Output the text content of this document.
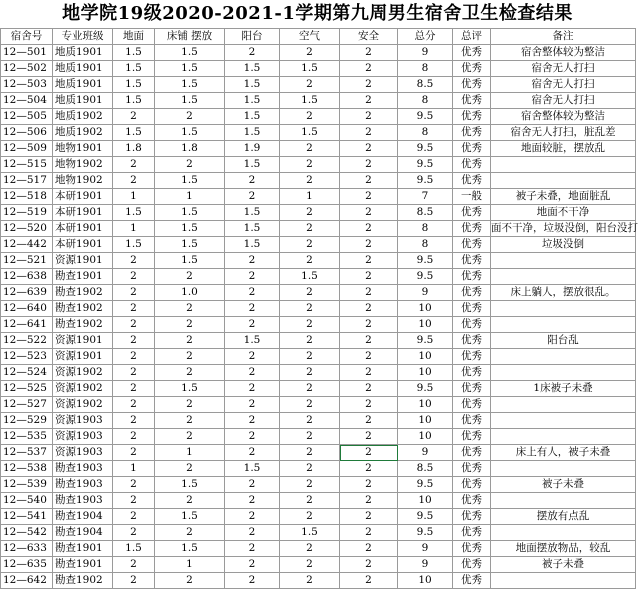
地学院19级2020-2021-1学期第九周男生宿舍卫生检查结果
宿舍号	专业班级	地面	床铺 摆放	阳台	空气	安全	总分	总评	备注
12—501	地质1901	1.5	1.5	2	2	2	9	优秀	宿舍整体较为整洁
12—502	地质1901	1.5	1.5	1.5	1.5	2	8	优秀	宿舍无人打扫
12—503	地质1901	1.5	1.5	1.5	2	2	8.5	优秀	宿舍无人打扫
12—504	地质1901	1.5	1.5	1.5	1.5	2	8	优秀	宿舍无人打扫
12—505	地质1902	2	2	1.5	2	2	9.5	优秀	宿舍整体较为整洁
12—506	地质1902	1.5	1.5	1.5	1.5	2	8	优秀	宿舍无人打扫，脏乱差
12—509	地物1901	1.8	1.8	1.9	2	2	9.5	优秀	地面较脏，摆放乱
12—515	地物1902	2	2	1.5	2	2	9.5	优秀	
12—517	地物1902	2	1.5	2	2	2	9.5	优秀	
12—518	本研1901	1	1	2	1	2	7	一般	被子未叠，地面脏乱
12—519	本研1901	1.5	1.5	1.5	2	2	8.5	优秀	地面不干净
12—520	本研1901	1	1.5	1.5	2	2	8	优秀	面不干净，垃圾没倒，阳台没打
12—442	本研1901	1.5	1.5	1.5	2	2	8	优秀	垃圾没倒
12—521	资源1901	2	1.5	2	2	2	9.5	优秀	
12—638	勘查1901	2	2	2	1.5	2	9.5	优秀	
12—639	勘查1902	2	1.0	2	2	2	9	优秀	床上躺人，摆放很乱。
12—640	勘查1902	2	2	2	2	2	10	优秀	
12—641	勘查1902	2	2	2	2	2	10	优秀	
12—522	资源1901	2	2	1.5	2	2	9.5	优秀	阳台乱
12—523	资源1901	2	2	2	2	2	10	优秀	
12—524	资源1902	2	2	2	2	2	10	优秀	
12—525	资源1902	2	1.5	2	2	2	9.5	优秀	1床被子未叠
12—527	资源1902	2	2	2	2	2	10	优秀	
12—529	资源1903	2	2	2	2	2	10	优秀	
12—535	资源1903	2	2	2	2	2	10	优秀	
12—537	资源1903	2	1	2	2	2	9	优秀	床上有人，被子未叠
12—538	勘查1903	1	2	1.5	2	2	8.5	优秀	
12—539	勘查1903	2	1.5	2	2	2	9.5	优秀	被子未叠
12—540	勘查1903	2	2	2	2	2	10	优秀	
12—541	勘查1904	2	1.5	2	2	2	9.5	优秀	摆放有点乱
12—542	勘查1904	2	2	2	1.5	2	9.5	优秀	
12—633	勘查1901	1.5	1.5	2	2	2	9	优秀	地面摆放物品，较乱
12—635	勘查1901	2	1	2	2	2	9	优秀	被子未叠
12—642	勘查1902	2	2	2	2	2	10	优秀	
